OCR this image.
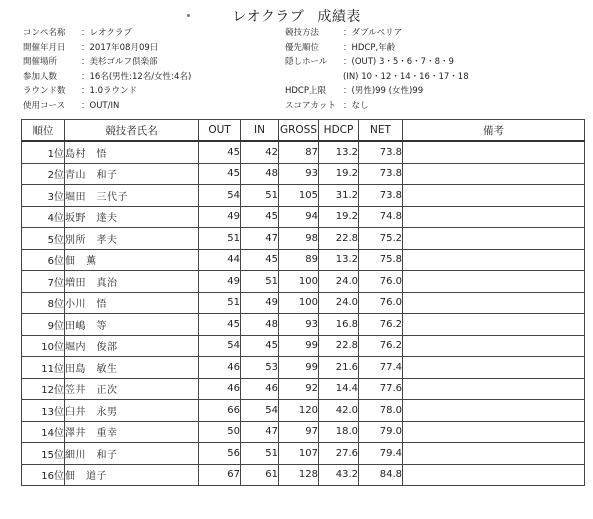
レオクラブ 成績表
コンペ名称 ：レオクラブ
開催年月日 ：2017年08月09日
開催場所	：美杉ゴルフ倶楽部
参加人数	：16名(男性:12名/女性:4名)
ラウンド数 ：1.0ラウンド
使用コース ：OUT/IN
競技方法	：ダブルペリア
優先順位	：HDCP,年齢
隠しホール ：(OUT) 3・5・6・7・8・9
(IN) 10・12・14・16・17・18
HDCP上限 ：(男性)99 (女性)99
スコアカット ：なし
順位	競技者氏名	OUT	IN	GROSS	HDCP	NET	備考
1位	島村　悟	45	42	87	13.2	73.8	
2位	青山　和子	45	48	93	19.2	73.8	
3位	堀田　三代子	54	51	105	31.2	73.8	
4位	坂野　達夫	49	45	94	19.2	74.8	
5位	別所　孝夫	51	47	98	22.8	75.2	
6位	佃　薫	44	45	89	13.2	75.8	
7位	増田　真治	49	51	100	24.0	76.0	
8位	小川　悟	51	49	100	24.0	76.0	
9位	田嶋　等	45	48	93	16.8	76.2	
10位	堀内　俊部	54	45	99	22.8	76.2	
11位	田島　敏生	46	53	99	21.6	77.4	
12位	笠井　正次	46	46	92	14.4	77.6	
13位	臼井　永男	66	54	120	42.0	78.0	
14位	澤井　重幸	50	47	97	18.0	79.0	
15位	細川　和子	56	51	107	27.6	79.4	
16位	佃　道子	67	61	128	43.2	84.8	
